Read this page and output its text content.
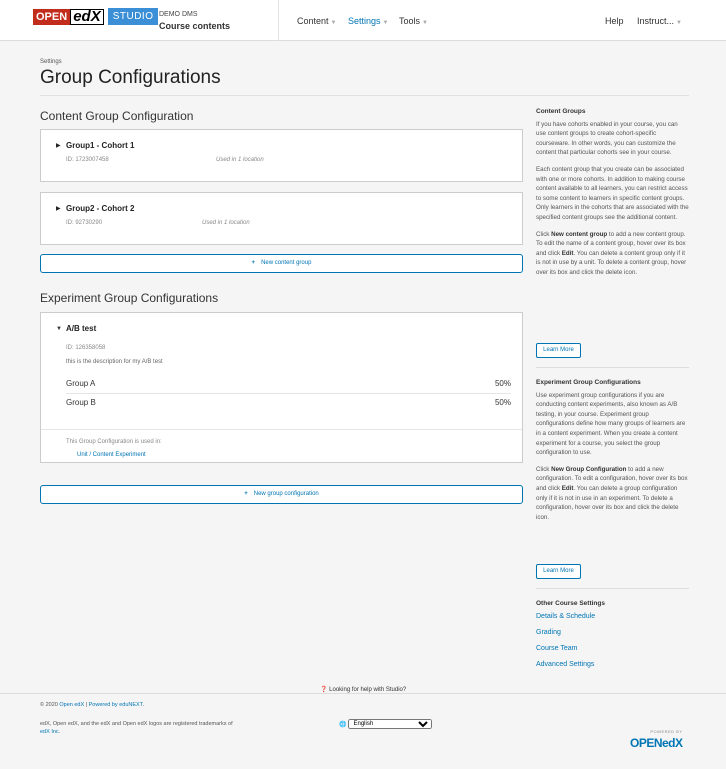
OPEN edX	STUDIO DEMO DMS
Course contents	Content ▼ Settings ▼ Tools ▼	Help Instruct... ▼
Settings
Group Configurations
Content Group Configuration
▶ Group1 - Cohort 1
ID: 1723007458	Used in 1 location
▶ Group2 - Cohort 2
ID: 92730290	Used in 1 location
+ New content group
Experiment Group Configurations
▼ A/B test
ID: 126358058
this is the description for my A/B test
Group A	50%
Group B	50%
This Group Configuration is used in:
Unit / Content Experiment
+ New group configuration
Content Groups

If you have cohorts enabled in your course, you can use content groups to create cohort-specific courseware. In other words, you can customize the content that particular cohorts see in your course.

Each content group that you create can be associated with one or more cohorts. In addition to making course content available to all learners, you can restrict access to some content to learners in specific content groups. Only learners in the cohorts that are associated with the specified content groups see the additional content.

Click New content group to add a new content group. To edit the name of a content group, hover over its box and click Edit. You can delete a content group only if it is not in use by a unit. To delete a content group, hover over its box and click the delete icon.

Learn More
Experiment Group Configurations

Use experiment group configurations if you are conducting content experiments, also known as A/B testing, in your course. Experiment group configurations define how many groups of learners are in a content experiment. When you create a content experiment for a course, you select the group configuration to use.

Click New Group Configuration to add a new configuration. To edit a configuration, hover over its box and click Edit. You can delete a group configuration only if it is not in use in an experiment. To delete a configuration, hover over its box and click the delete icon.

Learn More
Other Course Settings
Details & Schedule
Grading
Course Team
Advanced Settings
❓ Looking for help with Studio?
© 2020 Open edX | Powered by eduNEXT.
edX, Open edX, and the edX and Open edX logos are registered trademarks of edX Inc.
🌐
English
POWERED BY
OPENedX
